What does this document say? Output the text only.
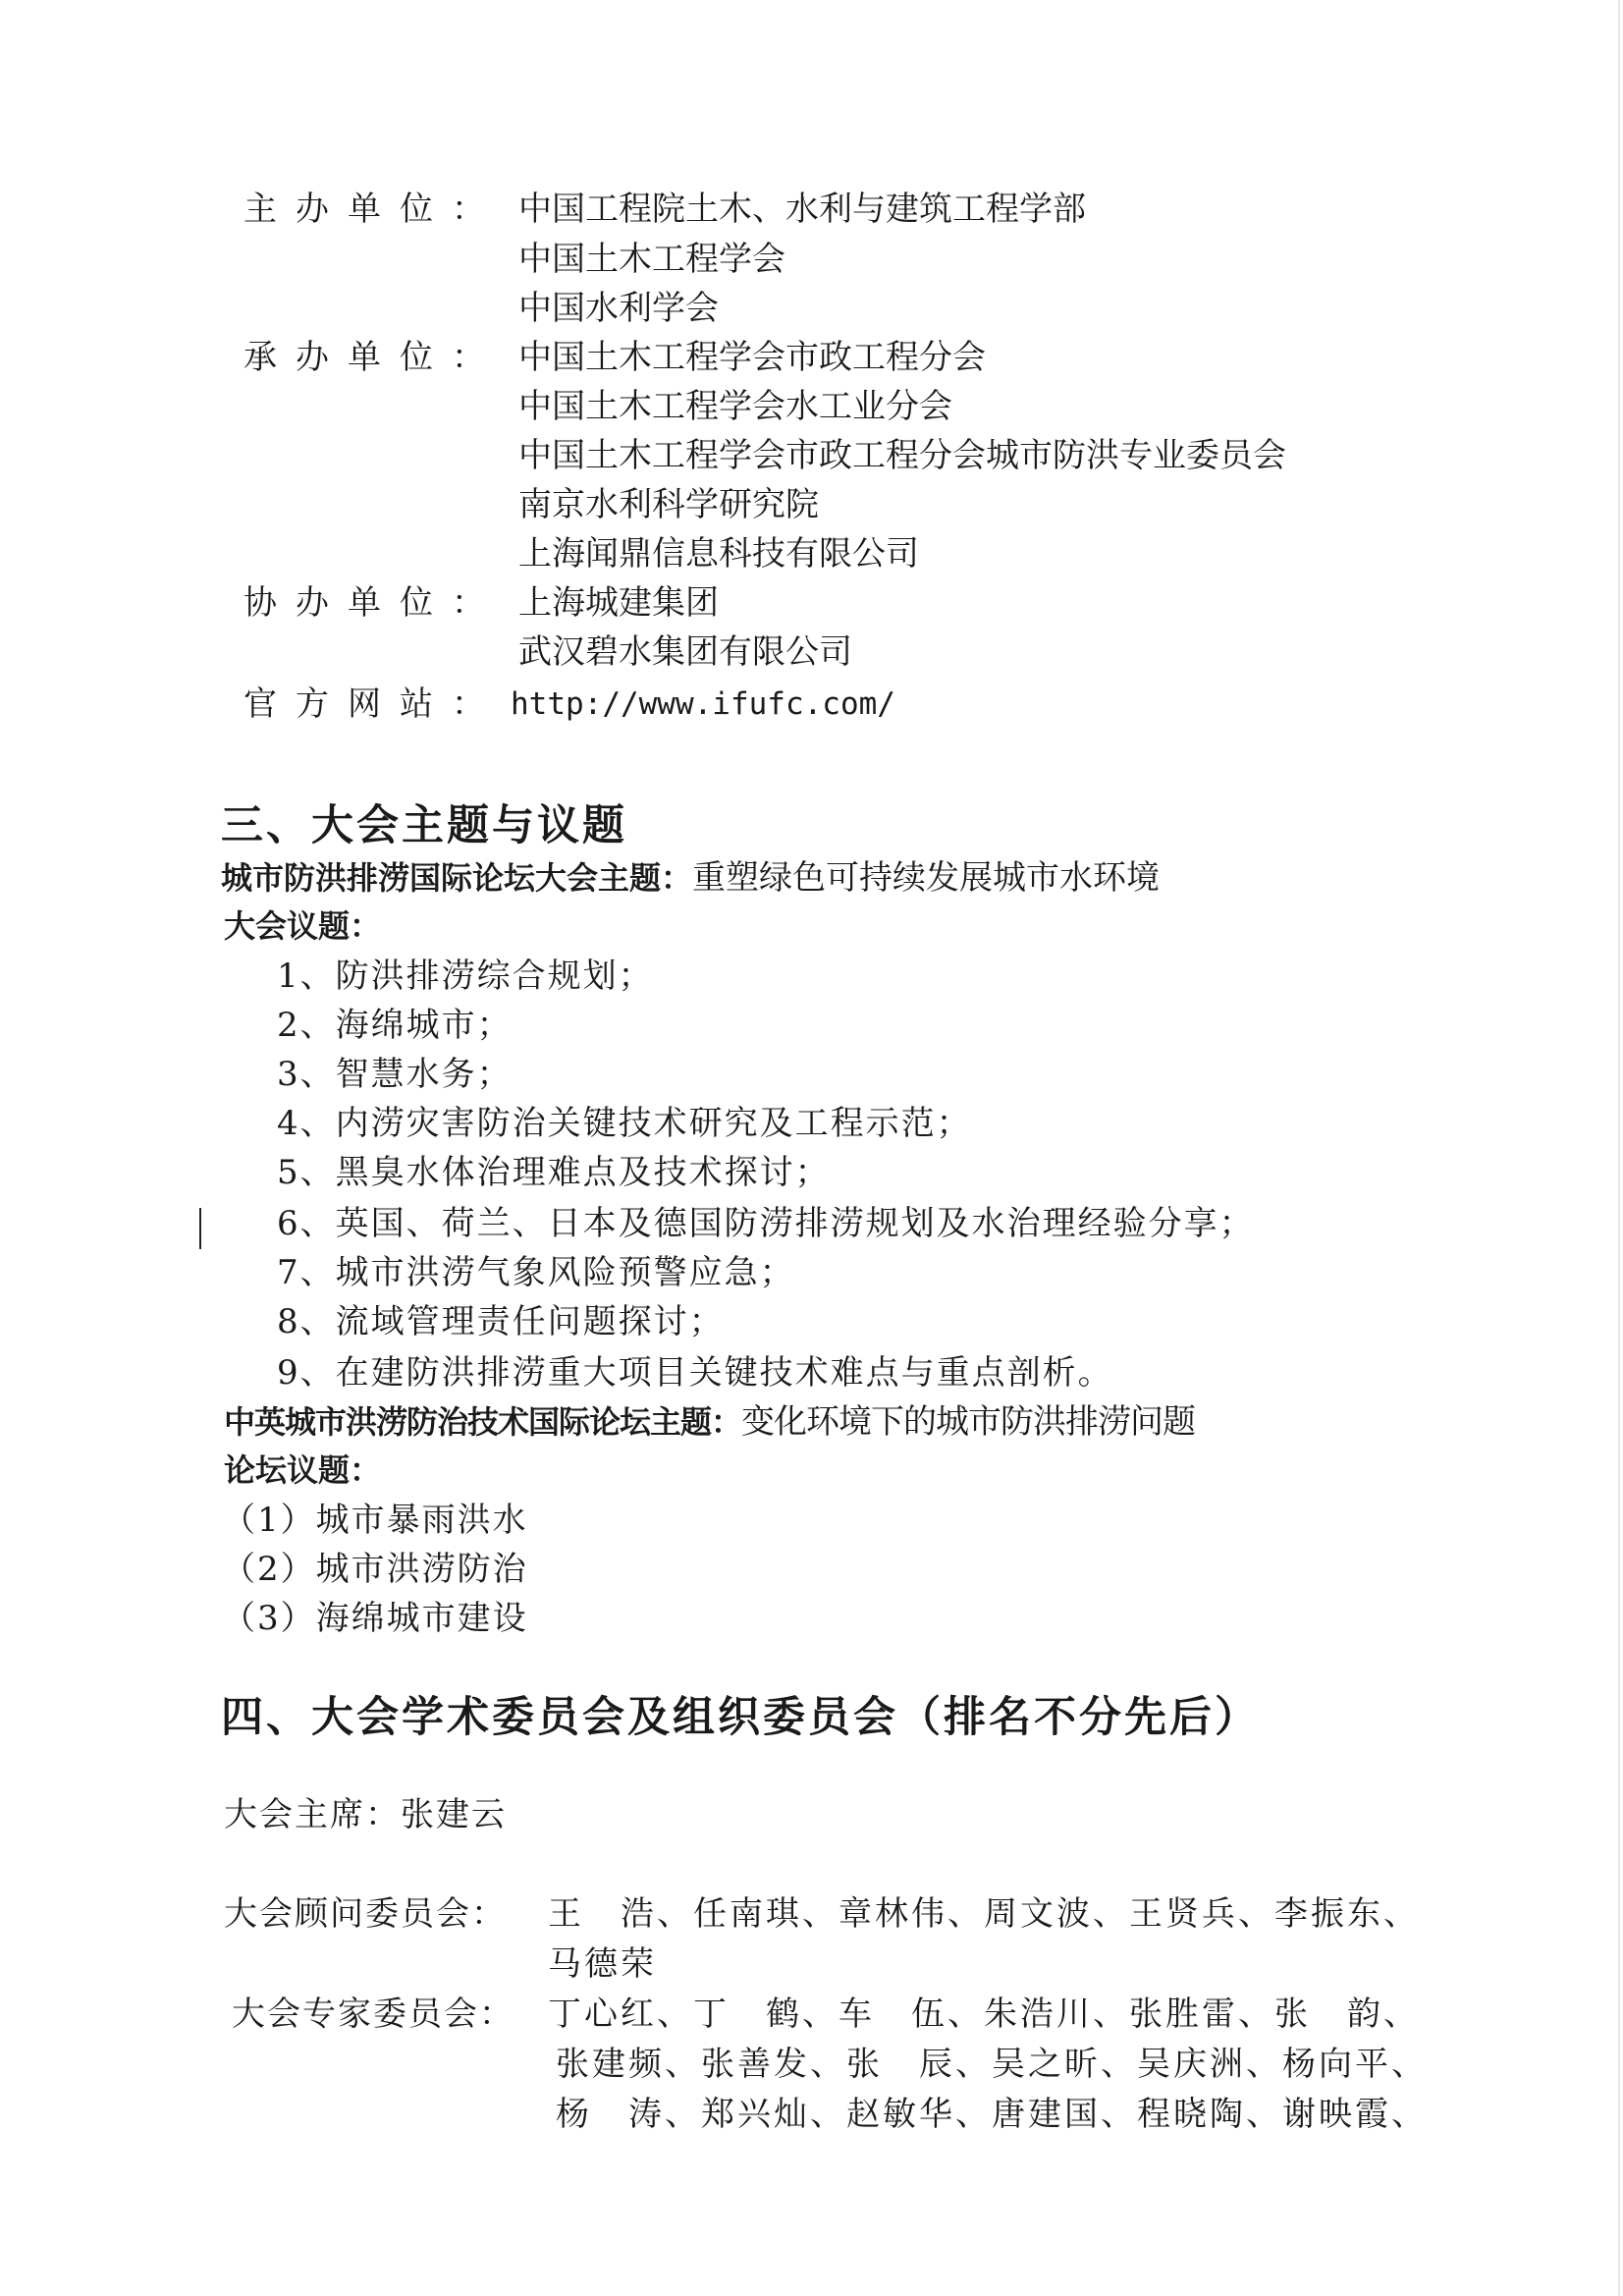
主办单位： 中国工程院土木、水利与建筑工程学部
中国土木工程学会
中国水利学会
承办单位： 中国土木工程学会市政工程分会
中国土木工程学会水工业分会
中国土木工程学会市政工程分会城市防洪专业委员会
南京水利科学研究院
上海闻鼎信息科技有限公司
协办单位： 上海城建集团
武汉碧水集团有限公司
官方网站： http://www.ifufc.com/
三、大会主题与议题
城市防洪排涝国际论坛大会主题：重塑绿色可持续发展城市水环境
大会议题：
1、防洪排涝综合规划；
2、海绵城市；
3、智慧水务；
4、内涝灾害防治关键技术研究及工程示范；
5、黑臭水体治理难点及技术探讨；
6、英国、荷兰、日本及德国防涝排涝规划及水治理经验分享；
7、城市洪涝气象风险预警应急；
8、流域管理责任问题探讨；
9、在建防洪排涝重大项目关键技术难点与重点剖析。
中英城市洪涝防治技术国际论坛主题：变化环境下的城市防洪排涝问题
论坛议题：
（1）城市暴雨洪水
（2）城市洪涝防治
（3）海绵城市建设
四、大会学术委员会及组织委员会（排名不分先后）
大会主席：张建云
大会顾问委员会： 王　浩、任南琪、章林伟、周文波、王贤兵、李振东、
马德荣
大会专家委员会： 丁心红、丁　鹤、车　伍、朱浩川、张胜雷、张　韵、
张建频、张善发、张　辰、吴之昕、吴庆洲、杨向平、
杨　涛、郑兴灿、赵敏华、唐建国、程晓陶、谢映霞、
